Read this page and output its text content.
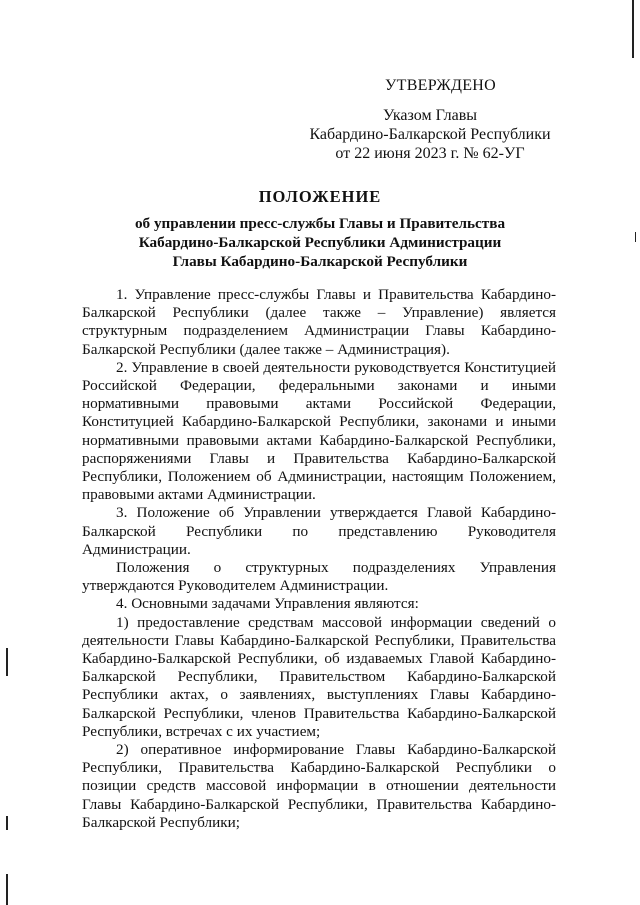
УТВЕРЖДЕНО
Указом Главы
Кабардино-Балкарской Республики
от 22 июня 2023 г. № 62-УГ
ПОЛОЖЕНИЕ
об управлении пресс-службы Главы и Правительства
Кабардино-Балкарской Республики Администрации
Главы Кабардино-Балкарской Республики

1. Управление пресс-службы Главы и Правительства Кабардино-Балкарской Республики (далее также – Управление) является структурным подразделением Администрации Главы Кабардино-Балкарской Республики (далее также – Администрация).

2. Управление в своей деятельности руководствуется Конституцией Российской Федерации, федеральными законами и иными нормативными правовыми актами Российской Федерации, Конституцией Кабардино-Балкарской Республики, законами и иными нормативными правовыми актами Кабардино-Балкарской Республики, распоряжениями Главы и Правительства Кабардино-Балкарской Республики, Положением об Администрации, настоящим Положением, правовыми актами Администрации.

3. Положение об Управлении утверждается Главой Кабардино-Балкарской Республики по представлению Руководителя Администрации.

Положения о структурных подразделениях Управления утверждаются Руководителем Администрации.

4. Основными задачами Управления являются:

1) предоставление средствам массовой информации сведений о деятельности Главы Кабардино-Балкарской Республики, Правительства Кабардино-Балкарской Республики, об издаваемых Главой Кабардино-Балкарской Республики, Правительством Кабардино-Балкарской Республики актах, о заявлениях, выступлениях Главы Кабардино-Балкарской Республики, членов Правительства Кабардино-Балкарской Республики, встречах с их участием;

2) оперативное информирование Главы Кабардино-Балкарской Республики, Правительства Кабардино-Балкарской Республики о позиции средств массовой информации в отношении деятельности Главы Кабардино-Балкарской Республики, Правительства Кабардино-Балкарской Республики;
